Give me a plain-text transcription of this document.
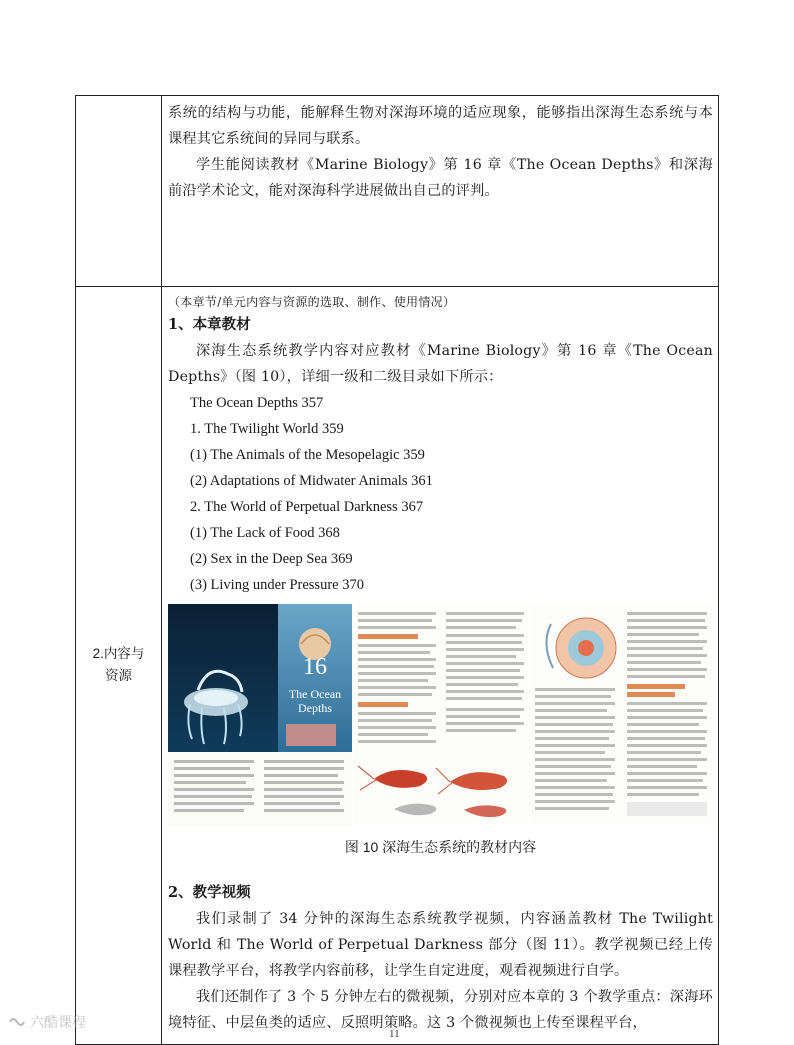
系统的结构与功能，能解释生物对深海环境的适应现象，能够指出深海生态系统与本课程其它系统间的异同与联系。

学生能阅读教材《Marine Biology》第 16 章《The Ocean Depths》和深海前沿学术论文，能对深海科学进展做出自己的评判。

2.内容与
资源

（本章节/单元内容与资源的选取、制作、使用情况）

1、本章教材

深海生态系统教学内容对应教材《Marine Biology》第 16 章《The Ocean Depths》（图 10），详细一级和二级目录如下所示：

The Ocean Depths 357

1. The Twilight World 359

(1) The Animals of the Mesopelagic 359

(2) Adaptations of Midwater Animals 361

2. The World of Perpetual Darkness 367

(1) The Lack of Food 368

(2) Sex in the Deep Sea 369

(3) Living under Pressure 370

16
The Ocean
Depths

图 10 深海生态系统的教材内容

2、教学视频

我们录制了 34 分钟的深海生态系统教学视频，内容涵盖教材 The Twilight World 和 The World of Perpetual Darkness 部分（图 11）。教学视频已经上传课程教学平台，将教学内容前移，让学生自定进度，观看视频进行自学。

我们还制作了 3 个 5 分钟左右的微视频，分别对应本章的 3 个教学重点：深海环境特征、中层鱼类的适应、反照明策略。这 3 个微视频也上传至课程平台，

六酷课程
11
